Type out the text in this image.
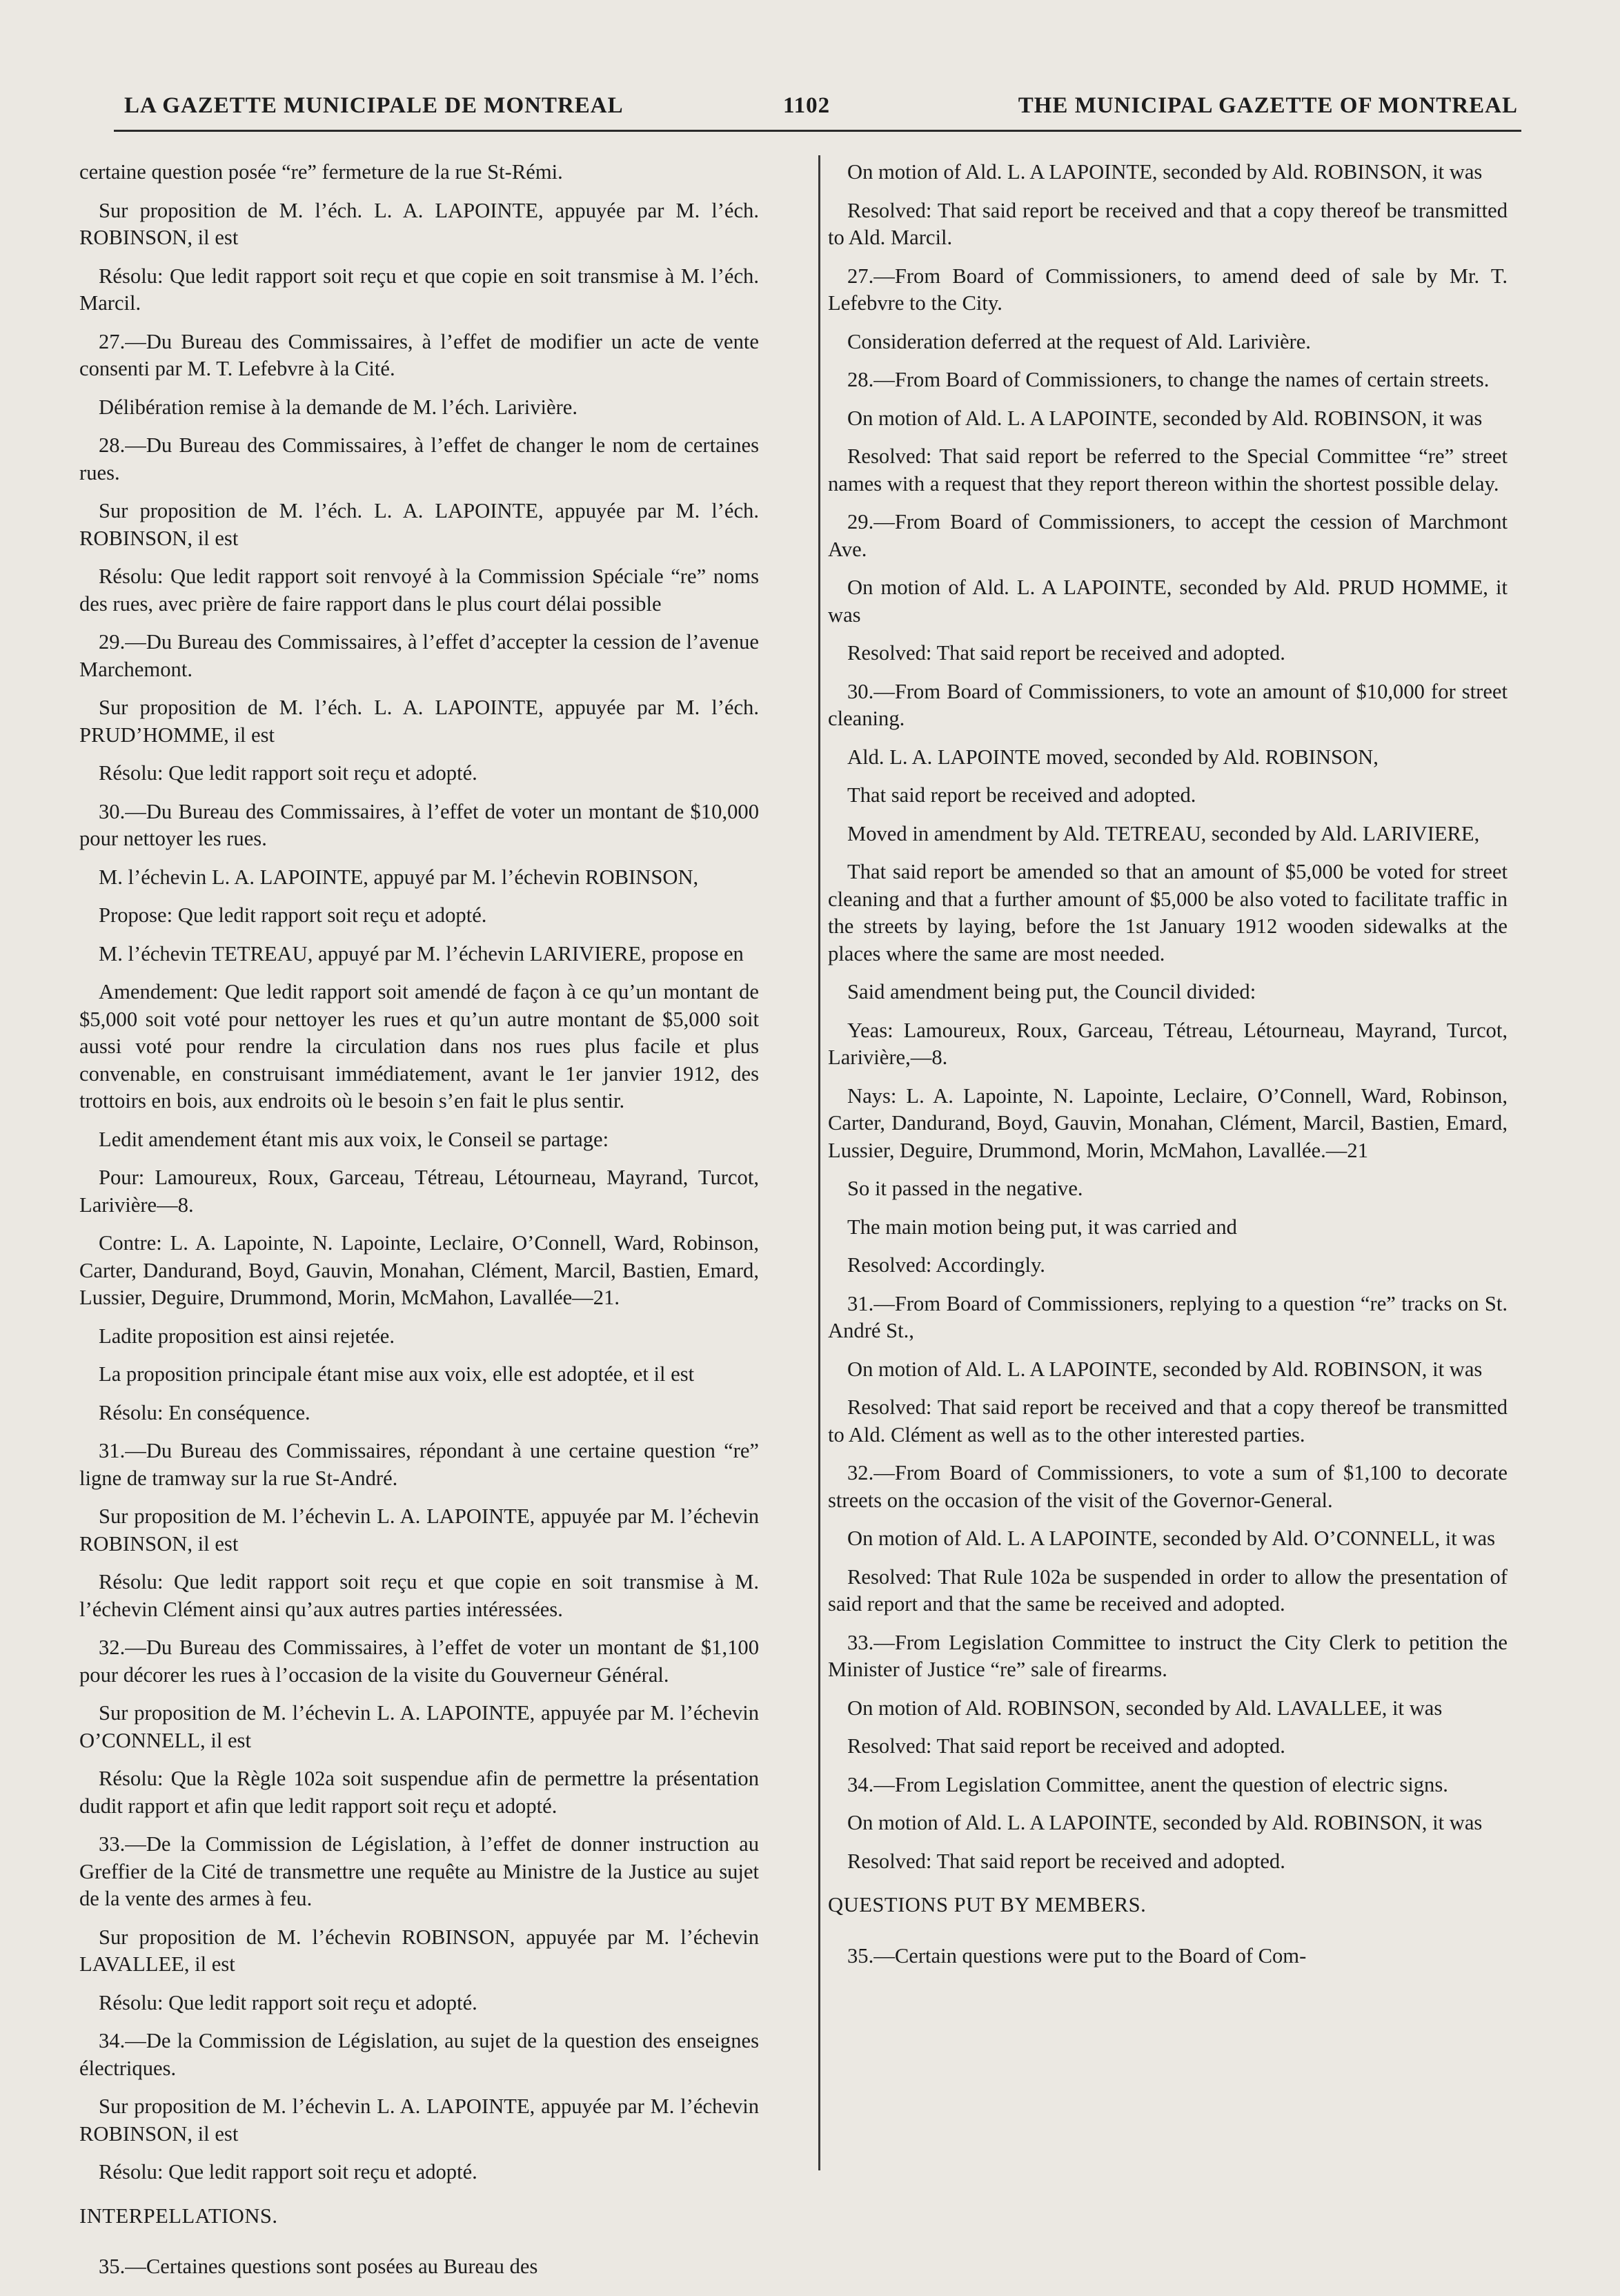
LA GAZETTE MUNICIPALE DE MONTREAL	1102	THE MUNICIPAL GAZETTE OF MONTREAL

certaine question posée “re” fermeture de la rue St-Rémi.

Sur proposition de M. l’éch. L. A. LAPOINTE, appuyée par M. l’éch. ROBINSON, il est

Résolu: Que ledit rapport soit reçu et que copie en soit transmise à M. l’éch. Marcil.

27.—Du Bureau des Commissaires, à l’effet de modifier un acte de vente consenti par M. T. Lefebvre à la Cité.

Délibération remise à la demande de M. l’éch. Larivière.

28.—Du Bureau des Commissaires, à l’effet de changer le nom de certaines rues.

Sur proposition de M. l’éch. L. A. LAPOINTE, appuyée par M. l’éch. ROBINSON, il est

Résolu: Que ledit rapport soit renvoyé à la Commission Spéciale “re” noms des rues, avec prière de faire rapport dans le plus court délai possible

29.—Du Bureau des Commissaires, à l’effet d’accepter la cession de l’avenue Marchemont.

Sur proposition de M. l’éch. L. A. LAPOINTE, appuyée par M. l’éch. PRUD’HOMME, il est

Résolu: Que ledit rapport soit reçu et adopté.

30.—Du Bureau des Commissaires, à l’effet de voter un montant de $10,000 pour nettoyer les rues.

M. l’échevin L. A. LAPOINTE, appuyé par M. l’échevin ROBINSON,

Propose: Que ledit rapport soit reçu et adopté.

M. l’échevin TETREAU, appuyé par M. l’échevin LARIVIERE, propose en

Amendement: Que ledit rapport soit amendé de façon à ce qu’un montant de $5,000 soit voté pour nettoyer les rues et qu’un autre montant de $5,000 soit aussi voté pour rendre la circulation dans nos rues plus facile et plus convenable, en construisant immédiatement, avant le 1er janvier 1912, des trottoirs en bois, aux endroits où le besoin s’en fait le plus sentir.

Ledit amendement étant mis aux voix, le Conseil se partage:

Pour: Lamoureux, Roux, Garceau, Tétreau, Létourneau, Mayrand, Turcot, Larivière—8.

Contre: L. A. Lapointe, N. Lapointe, Leclaire, O’Connell, Ward, Robinson, Carter, Dandurand, Boyd, Gauvin, Monahan, Clément, Marcil, Bastien, Emard, Lussier, Deguire, Drummond, Morin, McMahon, Lavallée—21.

Ladite proposition est ainsi rejetée.

La proposition principale étant mise aux voix, elle est adoptée, et il est

Résolu: En conséquence.

31.—Du Bureau des Commissaires, répondant à une certaine question “re” ligne de tramway sur la rue St-André.

Sur proposition de M. l’échevin L. A. LAPOINTE, appuyée par M. l’échevin ROBINSON, il est

Résolu: Que ledit rapport soit reçu et que copie en soit transmise à M. l’échevin Clément ainsi qu’aux autres parties intéressées.

32.—Du Bureau des Commissaires, à l’effet de voter un montant de $1,100 pour décorer les rues à l’occasion de la visite du Gouverneur Général.

Sur proposition de M. l’échevin L. A. LAPOINTE, appuyée par M. l’échevin O’CONNELL, il est

Résolu: Que la Règle 102a soit suspendue afin de permettre la présentation dudit rapport et afin que ledit rapport soit reçu et adopté.

33.—De la Commission de Législation, à l’effet de donner instruction au Greffier de la Cité de transmettre une requête au Ministre de la Justice au sujet de la vente des armes à feu.

Sur proposition de M. l’échevin ROBINSON, appuyée par M. l’échevin LAVALLEE, il est

Résolu: Que ledit rapport soit reçu et adopté.

34.—De la Commission de Législation, au sujet de la question des enseignes électriques.

Sur proposition de M. l’échevin L. A. LAPOINTE, appuyée par M. l’échevin ROBINSON, il est

Résolu: Que ledit rapport soit reçu et adopté.

INTERPELLATIONS.

35.—Certaines questions sont posées au Bureau des

On motion of Ald. L. A LAPOINTE, seconded by Ald. ROBINSON, it was

Resolved: That said report be received and that a copy thereof be transmitted to Ald. Marcil.

27.—From Board of Commissioners, to amend deed of sale by Mr. T. Lefebvre to the City.

Consideration deferred at the request of Ald. Larivière.

28.—From Board of Commissioners, to change the names of certain streets.

On motion of Ald. L. A LAPOINTE, seconded by Ald. ROBINSON, it was

Resolved: That said report be referred to the Special Committee “re” street names with a request that they report thereon within the shortest possible delay.

29.—From Board of Commissioners, to accept the cession of Marchmont Ave.

On motion of Ald. L. A LAPOINTE, seconded by Ald. PRUD HOMME, it was

Resolved: That said report be received and adopted.

30.—From Board of Commissioners, to vote an amount of $10,000 for street cleaning.

Ald. L. A. LAPOINTE moved, seconded by Ald. ROBINSON,

That said report be received and adopted.

Moved in amendment by Ald. TETREAU, seconded by Ald. LARIVIERE,

That said report be amended so that an amount of $5,000 be voted for street cleaning and that a further amount of $5,000 be also voted to facilitate traffic in the streets by laying, before the 1st January 1912 wooden sidewalks at the places where the same are most needed.

Said amendment being put, the Council divided:

Yeas: Lamoureux, Roux, Garceau, Tétreau, Létourneau, Mayrand, Turcot, Larivière,—8.

Nays: L. A. Lapointe, N. Lapointe, Leclaire, O’Connell, Ward, Robinson, Carter, Dandurand, Boyd, Gauvin, Monahan, Clément, Marcil, Bastien, Emard, Lussier, Deguire, Drummond, Morin, McMahon, Lavallée.—21

So it passed in the negative.

The main motion being put, it was carried and

Resolved: Accordingly.

31.—From Board of Commissioners, replying to a question “re” tracks on St. André St.,

On motion of Ald. L. A LAPOINTE, seconded by Ald. ROBINSON, it was

Resolved: That said report be received and that a copy thereof be transmitted to Ald. Clément as well as to the other interested parties.

32.—From Board of Commissioners, to vote a sum of $1,100 to decorate streets on the occasion of the visit of the Governor-General.

On motion of Ald. L. A LAPOINTE, seconded by Ald. O’CONNELL, it was

Resolved: That Rule 102a be suspended in order to allow the presentation of said report and that the same be received and adopted.

33.—From Legislation Committee to instruct the City Clerk to petition the Minister of Justice “re” sale of firearms.

On motion of Ald. ROBINSON, seconded by Ald. LAVALLEE, it was

Resolved: That said report be received and adopted.

34.—From Legislation Committee, anent the question of electric signs.

On motion of Ald. L. A LAPOINTE, seconded by Ald. ROBINSON, it was

Resolved: That said report be received and adopted.

QUESTIONS PUT BY MEMBERS.

35.—Certain questions were put to the Board of Com-
